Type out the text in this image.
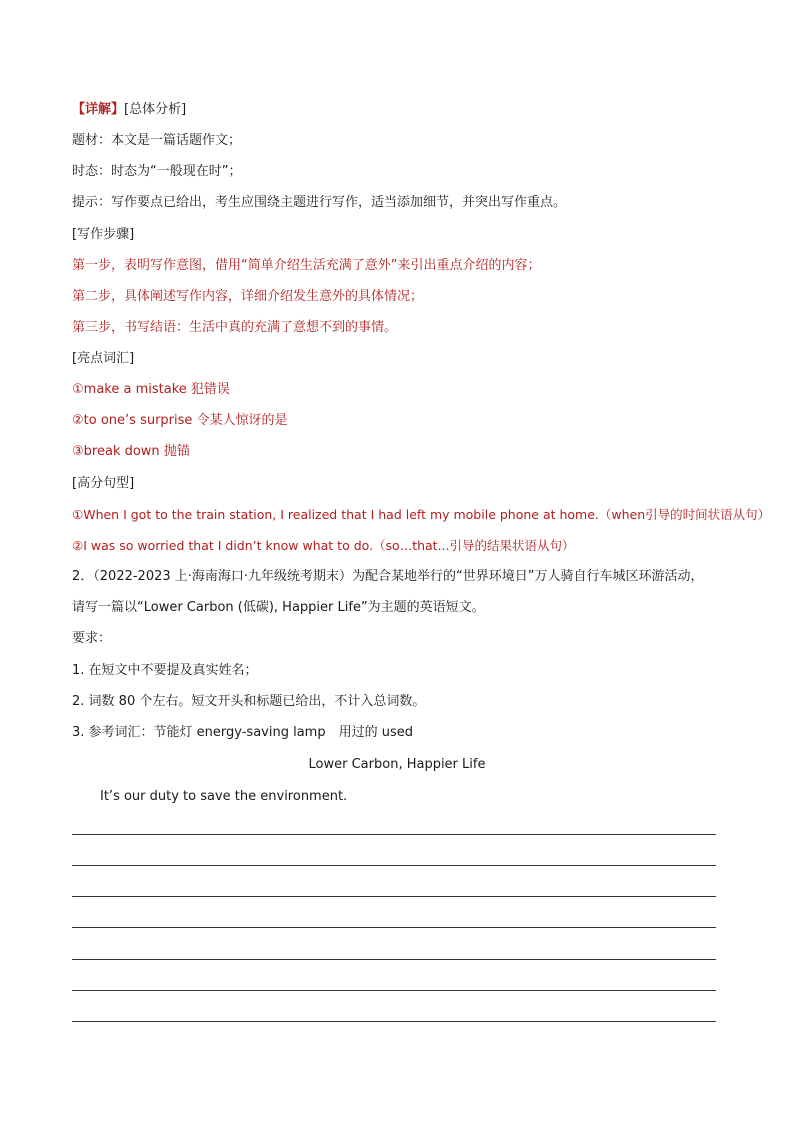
【详解】[总体分析]
题材：本文是一篇话题作文；
时态：时态为“一般现在时”；
提示：写作要点已给出，考生应围绕主题进行写作，适当添加细节，并突出写作重点。
[写作步骤]
第一步，表明写作意图，借用“简单介绍生活充满了意外”来引出重点介绍的内容；
第二步，具体阐述写作内容，详细介绍发生意外的具体情况；
第三步，书写结语：生活中真的充满了意想不到的事情。
[亮点词汇]
①make a mistake 犯错误
②to one’s surprise 令某人惊讶的是
③break down 抛锚
[高分句型]
①When I got to the train station, I realized that I had left my mobile phone at home.（when引导的时间状语从句）
②I was so worried that I didn’t know what to do.（so…that...引导的结果状语从句）
2．（2022-2023 上·海南海口·九年级统考期末）为配合某地举行的“世界环境日”万人骑自行车城区环游活动，
请写一篇以“Lower Carbon (低碳), Happier Life”为主题的英语短文。
要求：
1. 在短文中不要提及真实姓名；
2. 词数 80 个左右。短文开头和标题已给出，不计入总词数。
3. 参考词汇：节能灯 energy-saving lamp　用过的 used
Lower Carbon, Happier Life
It’s our duty to save the environment.
